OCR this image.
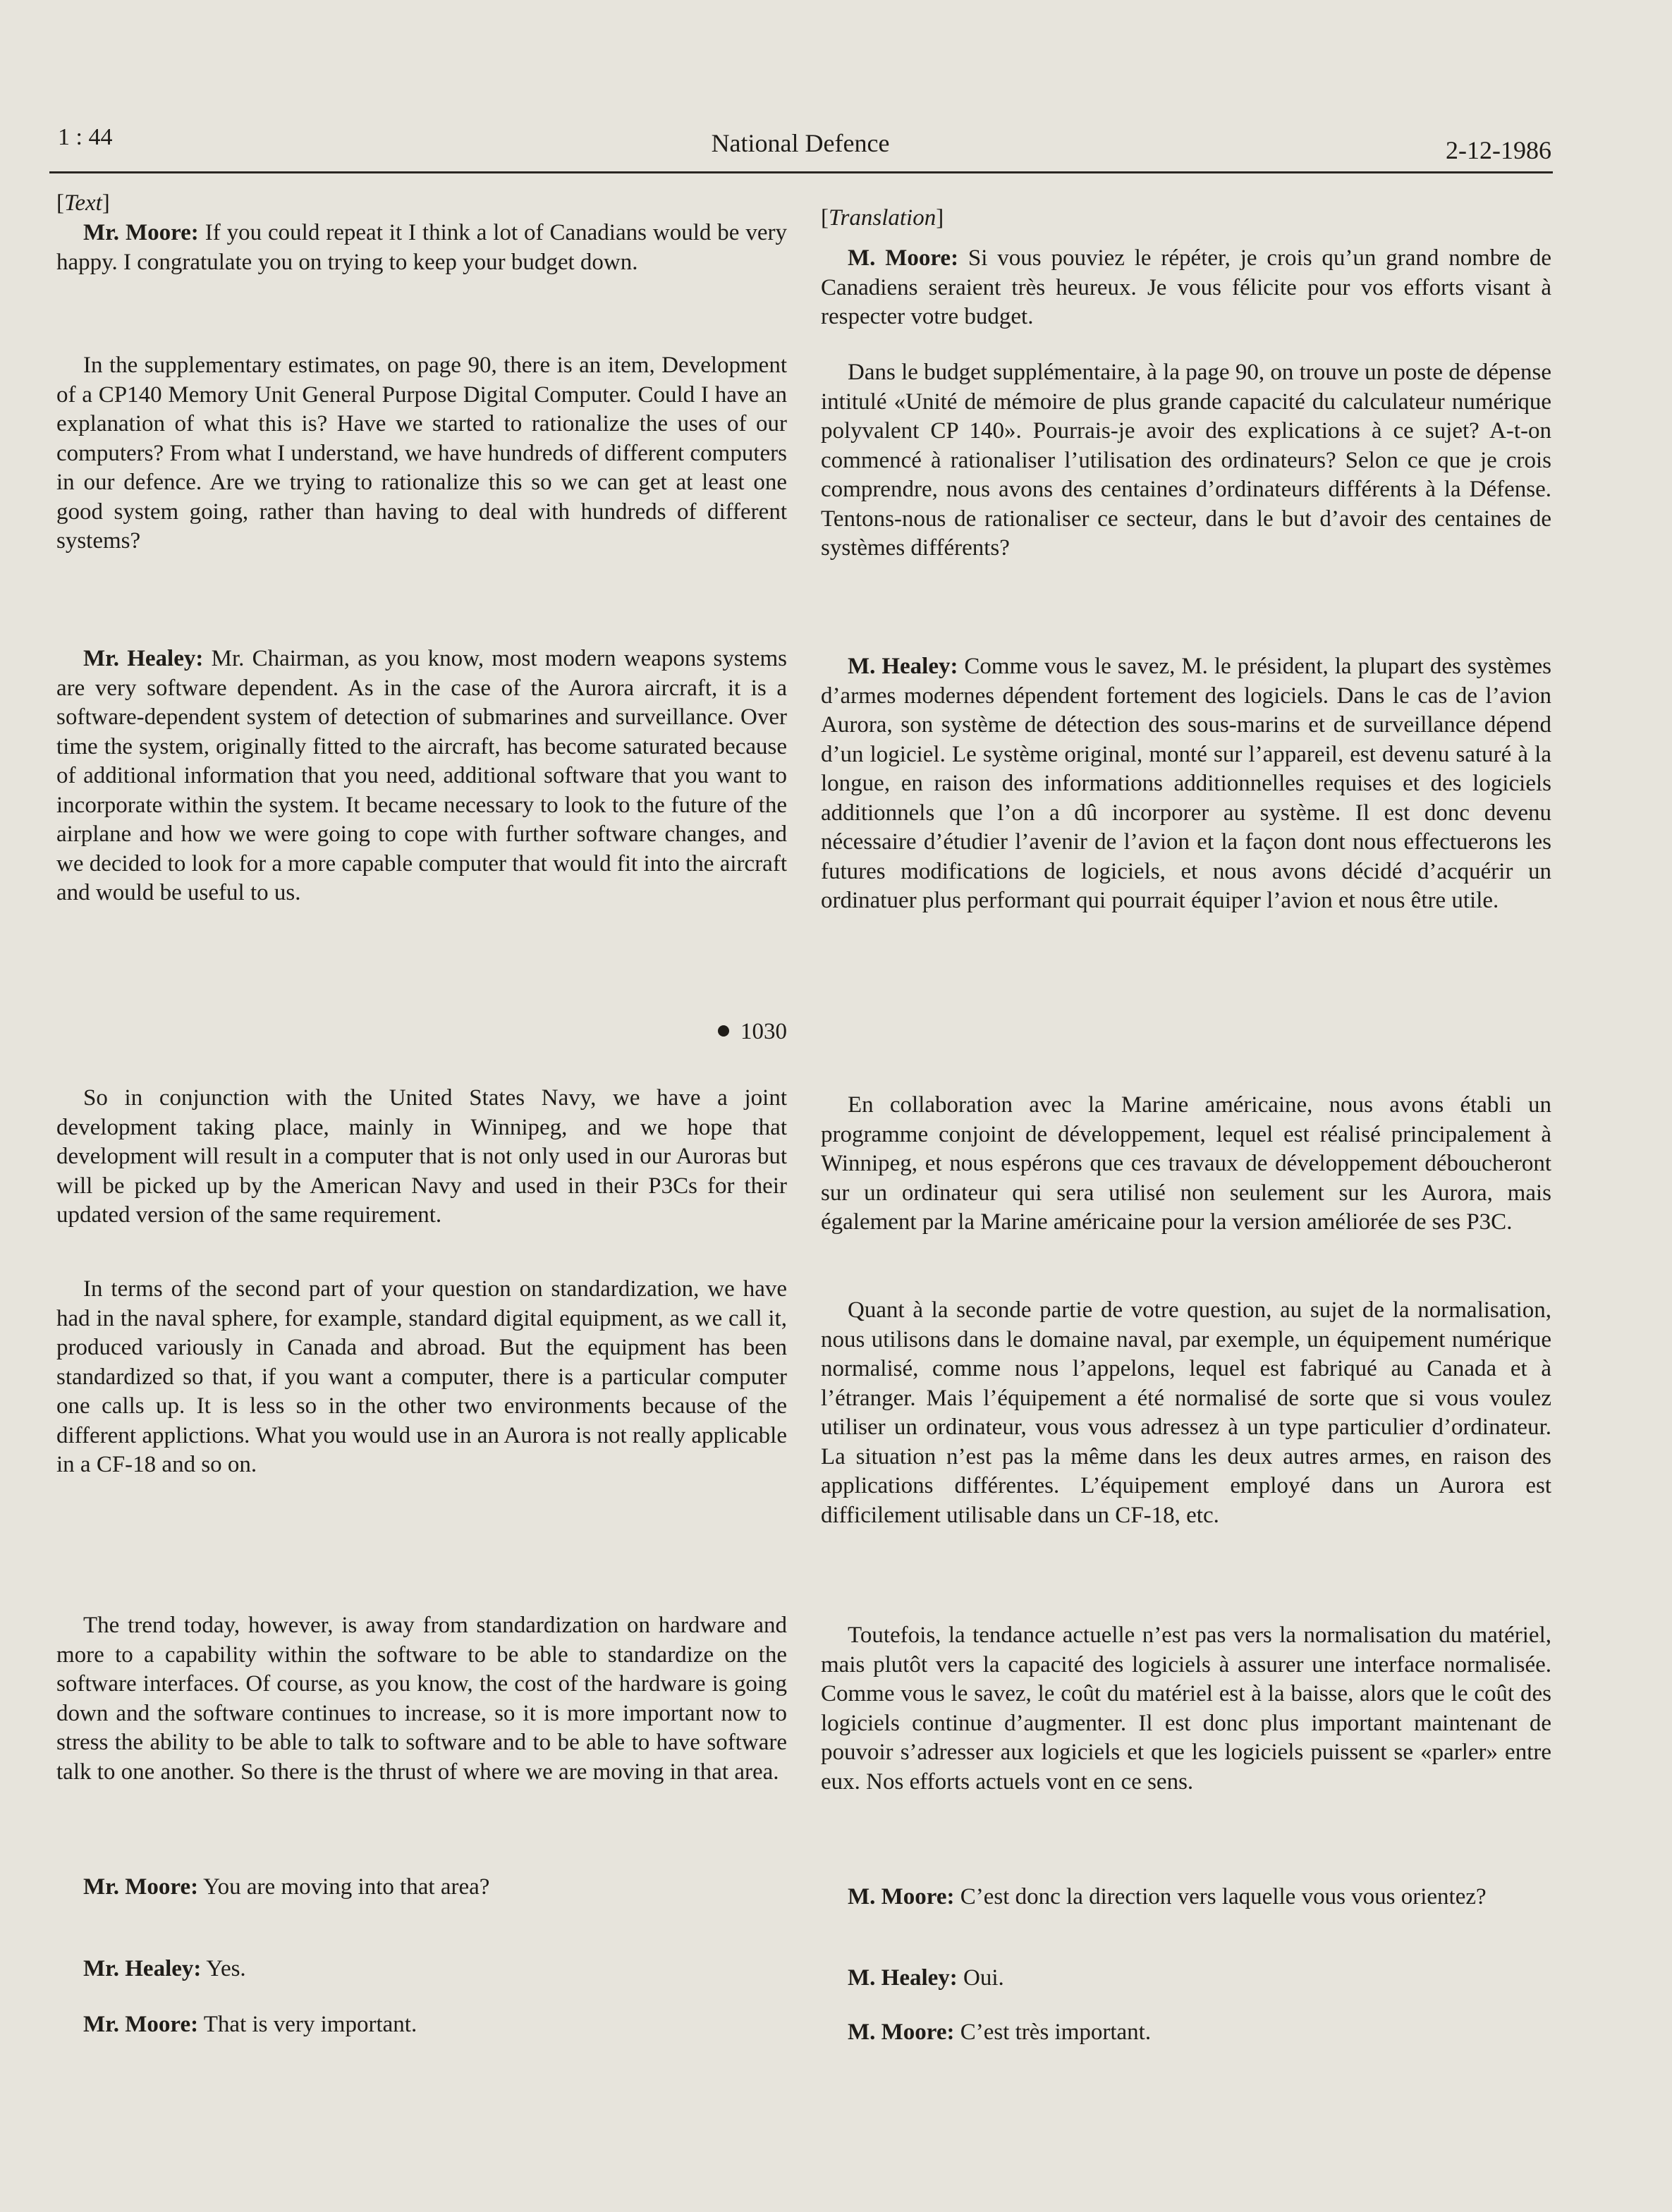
1 : 44	National Defence	2-12-1986

[Text]

Mr. Moore: If you could repeat it I think a lot of Canadians would be very happy. I congratulate you on trying to keep your budget down.

In the supplementary estimates, on page 90, there is an item, Development of a CP140 Memory Unit General Purpose Digital Computer. Could I have an explanation of what this is? Have we started to rationalize the uses of our computers? From what I understand, we have hundreds of different computers in our defence. Are we trying to rationalize this so we can get at least one good system going, rather than having to deal with hundreds of different systems?

Mr. Healey: Mr. Chairman, as you know, most modern weapons systems are very software dependent. As in the case of the Aurora aircraft, it is a software-dependent system of detection of submarines and surveillance. Over time the system, originally fitted to the aircraft, has become saturated because of additional information that you need, additional software that you want to incorporate within the system. It became necessary to look to the future of the airplane and how we were going to cope with further software changes, and we decided to look for a more capable computer that would fit into the aircraft and would be useful to us.

1030

So in conjunction with the United States Navy, we have a joint development taking place, mainly in Winnipeg, and we hope that development will result in a computer that is not only used in our Auroras but will be picked up by the American Navy and used in their P3Cs for their updated version of the same requirement.

In terms of the second part of your question on standardization, we have had in the naval sphere, for example, standard digital equipment, as we call it, produced variously in Canada and abroad. But the equipment has been standardized so that, if you want a computer, there is a particular computer one calls up. It is less so in the other two environments because of the different applictions. What you would use in an Aurora is not really applicable in a CF-18 and so on.

The trend today, however, is away from standardization on hardware and more to a capability within the software to be able to standardize on the software interfaces. Of course, as you know, the cost of the hardware is going down and the software continues to increase, so it is more important now to stress the ability to be able to talk to software and to be able to have software talk to one another. So there is the thrust of where we are moving in that area.

Mr. Moore: You are moving into that area?

Mr. Healey: Yes.

Mr. Moore: That is very important.

[Translation]

M. Moore: Si vous pouviez le répéter, je crois qu’un grand nombre de Canadiens seraient très heureux. Je vous félicite pour vos efforts visant à respecter votre budget.

Dans le budget supplémentaire, à la page 90, on trouve un poste de dépense intitulé «Unité de mémoire de plus grande capacité du calculateur numérique polyvalent CP 140». Pourrais-je avoir des explications à ce sujet? A-t-on commencé à rationaliser l’utilisation des ordinateurs? Selon ce que je crois comprendre, nous avons des centaines d’ordinateurs différents à la Défense. Tentons-nous de rationaliser ce secteur, dans le but d’avoir des centaines de systèmes différents?

M. Healey: Comme vous le savez, M. le président, la plupart des systèmes d’armes modernes dépendent fortement des logiciels. Dans le cas de l’avion Aurora, son système de détection des sous-marins et de surveillance dépend d’un logiciel. Le système original, monté sur l’appareil, est devenu saturé à la longue, en raison des informations additionnelles requises et des logiciels additionnels que l’on a dû incorporer au système. Il est donc devenu nécessaire d’étudier l’avenir de l’avion et la façon dont nous effectuerons les futures modifications de logiciels, et nous avons décidé d’acquérir un ordinatuer plus performant qui pourrait équiper l’avion et nous être utile.

En collaboration avec la Marine américaine, nous avons établi un programme conjoint de développement, lequel est réalisé principalement à Winnipeg, et nous espérons que ces travaux de développement déboucheront sur un ordinateur qui sera utilisé non seulement sur les Aurora, mais également par la Marine américaine pour la version améliorée de ses P3C.

Quant à la seconde partie de votre question, au sujet de la normalisation, nous utilisons dans le domaine naval, par exemple, un équipement numérique normalisé, comme nous l’appelons, lequel est fabriqué au Canada et à l’étranger. Mais l’équipement a été normalisé de sorte que si vous voulez utiliser un ordinateur, vous vous adressez à un type particulier d’ordinateur. La situation n’est pas la même dans les deux autres armes, en raison des applications différentes. L’équipement employé dans un Aurora est difficilement utilisable dans un CF-18, etc.

Toutefois, la tendance actuelle n’est pas vers la normalisation du matériel, mais plutôt vers la capacité des logiciels à assurer une interface normalisée. Comme vous le savez, le coût du matériel est à la baisse, alors que le coût des logiciels continue d’augmenter. Il est donc plus important maintenant de pouvoir s’adresser aux logiciels et que les logiciels puissent se «parler» entre eux. Nos efforts actuels vont en ce sens.

M. Moore: C’est donc la direction vers laquelle vous vous orientez?

M. Healey: Oui.

M. Moore: C’est très important.
